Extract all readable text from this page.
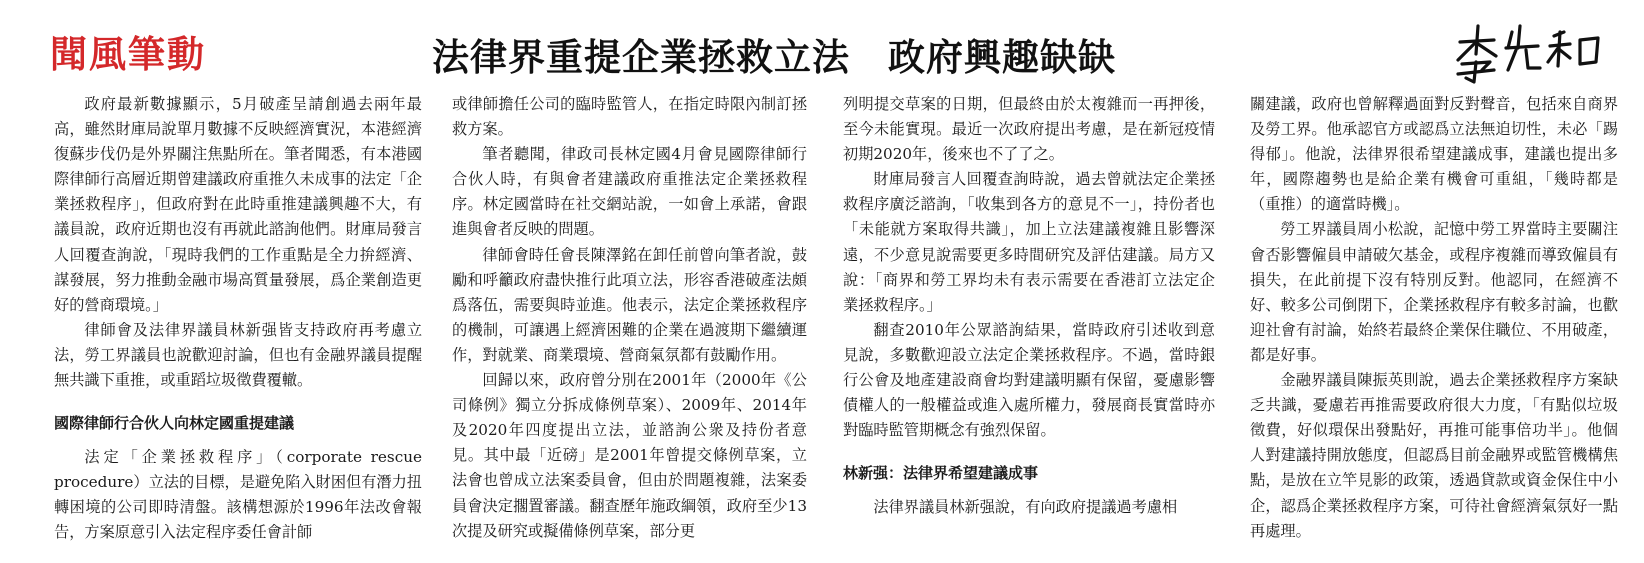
聞風筆動	法律界重提企業拯救立法　政府興趣缺缺

政府最新數據顯示，5月破產呈請創過去兩年最高，雖然財庫局說單月數據不反映經濟實況，本港經濟復蘇步伐仍是外界關注焦點所在。筆者聞悉，有本港國際律師行高層近期曾建議政府重推久未成事的法定「企業拯救程序」，但政府對在此時重推建議興趣不大，有議員說，政府近期也沒有再就此諮詢他們。財庫局發言人回覆查詢說，「現時我們的工作重點是全力拚經濟、謀發展，努力推動金融市場高質量發展，爲企業創造更好的營商環境。」

律師會及法律界議員林新强皆支持政府再考慮立法，勞工界議員也說歡迎討論，但也有金融界議員提醒無共識下重推，或重蹈垃圾徵費覆轍。

國際律師行合伙人向林定國重提建議

法定「企業拯救程序」（corporate rescue procedure）立法的目標，是避免陷入財困但有潛力扭轉困境的公司即時清盤。該構想源於1996年法改會報告，方案原意引入法定程序委任會計師

或律師擔任公司的臨時監管人，在指定時限內制訂拯救方案。

筆者聽聞，律政司長林定國4月會見國際律師行合伙人時，有與會者建議政府重推法定企業拯救程序。林定國當時在社交網站說，一如會上承諾，會跟進與會者反映的問題。

律師會時任會長陳澤銘在卸任前曾向筆者說，鼓勵和呼籲政府盡快推行此項立法，形容香港破產法頗爲落伍，需要與時並進。他表示，法定企業拯救程序的機制，可讓遇上經濟困難的企業在過渡期下繼續運作，對就業、商業環境、營商氣氛都有鼓勵作用。

回歸以來，政府曾分別在2001年（2000年《公司條例》獨立分拆成條例草案）、2009年、2014年及2020年四度提出立法，並諮詢公衆及持份者意見。其中最「近磅」是2001年曾提交條例草案，立法會也曾成立法案委員會，但由於問題複雜，法案委員會決定擱置審議。翻查歷年施政綱領，政府至少13次提及研究或擬備條例草案，部分更

列明提交草案的日期，但最終由於太複雜而一再押後，至今未能實現。最近一次政府提出考慮，是在新冠疫情初期2020年，後來也不了了之。

財庫局發言人回覆查詢時說，過去曾就法定企業拯救程序廣泛諮詢，「收集到各方的意見不一」，持份者也「未能就方案取得共識」，加上立法建議複雜且影響深遠，不少意見說需要更多時間研究及評估建議。局方又說：「商界和勞工界均未有表示需要在香港訂立法定企業拯救程序。」

翻查2010年公眾諮詢結果，當時政府引述收到意見說，多數歡迎設立法定企業拯救程序。不過，當時銀行公會及地產建設商會均對建議明顯有保留，憂慮影響債權人的一般權益或進入處所權力，發展商長實當時亦對臨時監管期概念有強烈保留。

林新强：法律界希望建議成事

法律界議員林新强說，有向政府提議過考慮相

關建議，政府也曾解釋過面對反對聲音，包括來自商界及勞工界。他承認官方或認爲立法無迫切性，未必「踢得郁」。他說，法律界很希望建議成事，建議也提出多年，國際趨勢也是給企業有機會可重組，「幾時都是（重推）的適當時機」。

勞工界議員周小松說，記憶中勞工界當時主要關注會否影響僱員申請破欠基金，或程序複雜而導致僱員有損失，在此前提下沒有特別反對。他認同，在經濟不好、較多公司倒閉下，企業拯救程序有較多討論，也歡迎社會有討論，始終若最終企業保住職位、不用破產，都是好事。

金融界議員陳振英則說，過去企業拯救程序方案缺乏共識，憂慮若再推需要政府很大力度，「有點似垃圾徵費，好似環保出發點好，再推可能事倍功半」。他個人對建議持開放態度，但認爲目前金融界或監管機構焦點，是放在立竿見影的政策，透過貸款或資金保住中小企，認爲企業拯救程序方案，可待社會經濟氣氛好一點再處理。
